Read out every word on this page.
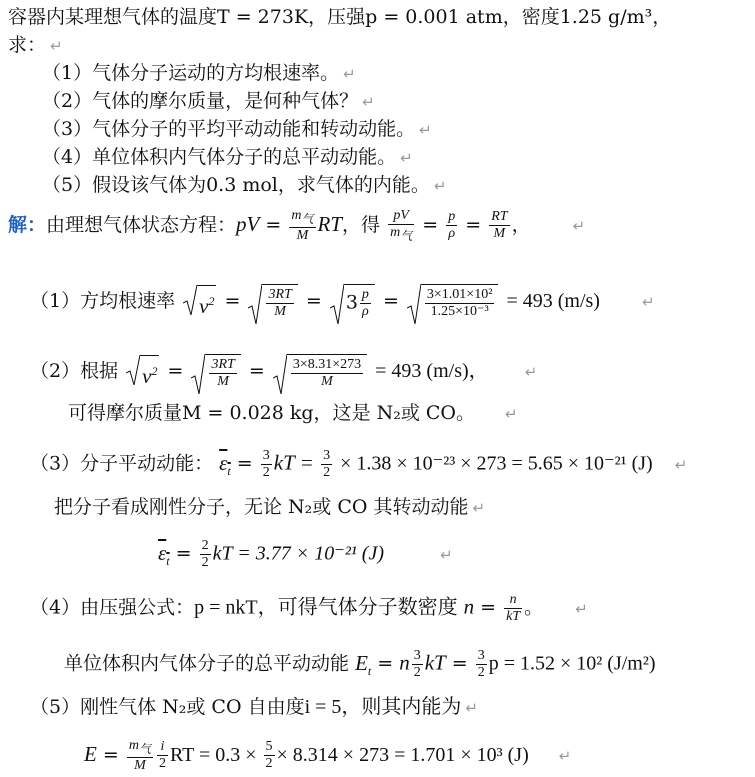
容器内某理想气体的温度T = 273K，压强p = 0.001 atm，密度1.25 g/m³，
求： ↵
（1）气体分子运动的方均根速率。 ↵
（2）气体的摩尔质量，是何种气体？ ↵
（3）气体分子的平均平动动能和转动动能。 ↵
（4）单位体积内气体分子的总平动动能。 ↵
（5）假设该气体为0.3 mol，求气体的内能。 ↵
解：由理想气体状态方程：pV = $\frac{m_气}{M}$ RT，得 $\frac{pV}{m_气} = \frac{p}{\rho} = \frac{RT}{M}$ ， ↵
（1）方均根速率 $v^2 = \frac{3RT}{M}$ =
$3 \frac{p}{\rho} = \frac{\text{3×1.01×10²}}{\text{1.25×10⁻³}} = 493$ (m/s)	↵
（2）根据 $v^2 = \frac{3RT}{M} = \frac{3\times 8.31\times 273}{M} = 493$ (m/s)， ↵
可得摩尔质量M = 0.028 kg，这是 N₂或 CO。 ↵
（3）分子平动动能： $\varepsilon_t = \frac{3}{2}$ kT = $\frac{3}{2} \times 1.38 \times 10^{-23} \times 273 = 5.65 \times 10^{-21}$ (J) ↵
把分子看成刚性分子，无论 N₂或 CO 其转动动能 ↵
$\varepsilon_t = \frac{2}{2}$ kT = 3.77 × 10⁻²¹ (J)	↵
（4）由压强公式：p = nkT，可得气体分子数密度 $n = \frac{n}{kT}$ 。 ↵
单位体积内气体分子的总平动动能 $E_t = n \frac{3}{2}$ kT = $\frac{3}{2}$ p = 1.52 × 10² (J/m²)
（5）刚性气体 N₂或 CO 自由度i = 5，则其内能为 ↵
$E = \frac{m_气}{M} \frac{i}{2}$ RT = $0.3 \times \frac{5}{2} \times 8.314 \times 273 = 1.701 \times 10^3$ (J) ↵
